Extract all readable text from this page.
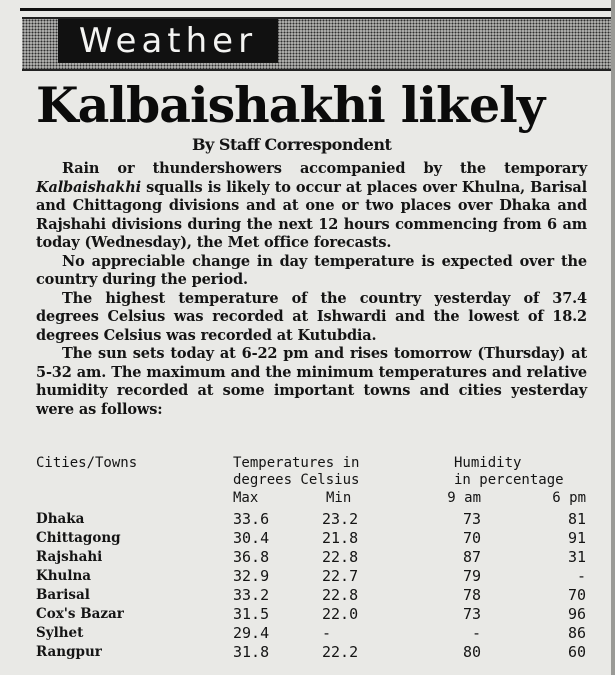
Weather
Kalbaishakhi likely
By Staff Correspondent

Rain or thundershowers accompanied by the temporary Kalbaishakhi squalls is likely to occur at places over Khulna, Barisal and Chittagong divisions and at one or two places over Dhaka and Rajshahi divisions during the next 12 hours commencing from 6 am today (Wednesday), the Met office forecasts.

No appreciable change in day temperature is expected over the country during the period.

The highest temperature of the country yesterday of 37.4 degrees Celsius was recorded at Ishwardi and the lowest of 18.2 degrees Celsius was recorded at Kutubdia.

The sun sets today at 6-22 pm and rises tomorrow (Thursday) at 5-32 am. The maximum and the minimum temperatures and relative humidity recorded at some important towns and cities yesterday were as follows:

Cities/Towns	Temperatures in
degrees Celsius
Humidity
in percentage
Max	Min	9 am	6 pm
Dhaka	33.6	23.2	73	81
Chittagong	30.4	21.8	70	91
Rajshahi	36.8	22.8	87	31
Khulna	32.9	22.7	79	-
Barisal	33.2	22.8	78	70
Cox's Bazar	31.5	22.0	73	96
Sylhet	29.4	-	-	86
Rangpur	31.8	22.2	80	60
